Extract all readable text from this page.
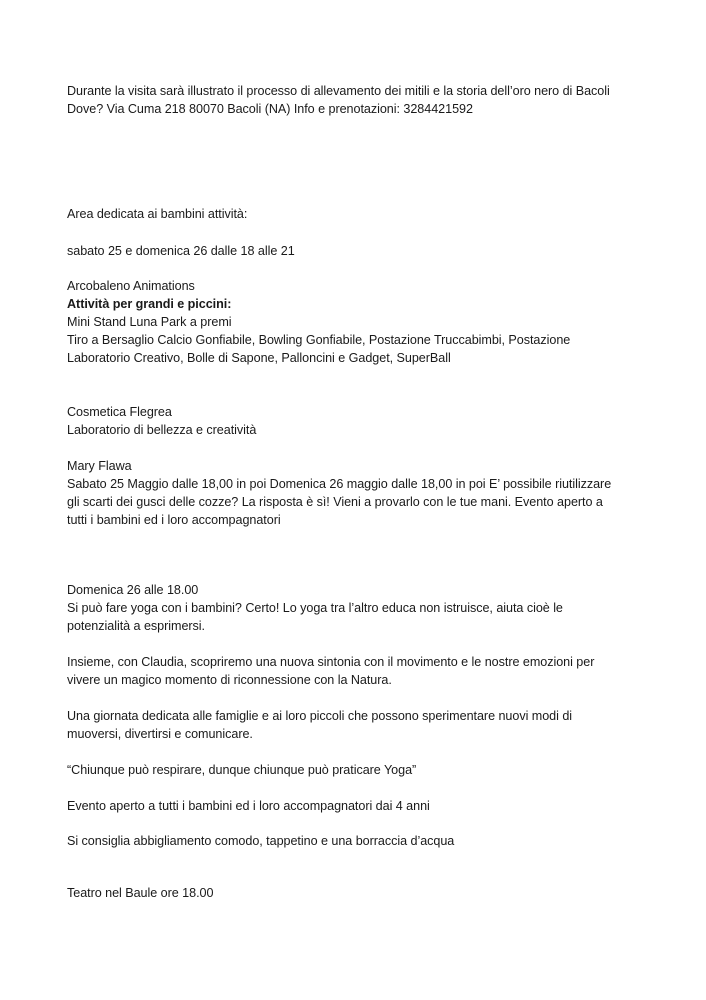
Durante la visita sarà illustrato il processo di allevamento dei mitili e la storia dell’oro nero di Bacoli
Dove? Via Cuma 218 80070 Bacoli (NA) Info e prenotazioni: 3284421592
Area dedicata ai bambini attività:
sabato 25 e domenica 26 dalle 18 alle 21
Arcobaleno Animations
Attività per grandi e piccini:
Mini Stand Luna Park a premi
Tiro a Bersaglio Calcio Gonfiabile, Bowling Gonfiabile, Postazione Truccabimbi, Postazione
Laboratorio Creativo, Bolle di Sapone, Palloncini e Gadget, SuperBall
Cosmetica Flegrea
Laboratorio di bellezza e creatività
Mary Flawa
Sabato 25 Maggio dalle 18,00 in poi Domenica 26 maggio dalle 18,00 in poi E’ possibile riutilizzare
gli scarti dei gusci delle cozze? La risposta è sì! Vieni a provarlo con le tue mani. Evento aperto a
tutti i bambini ed i loro accompagnatori
Domenica 26 alle 18.00
Si può fare yoga con i bambini? Certo! Lo yoga tra l’altro educa non istruisce, aiuta cioè le
potenzialità a esprimersi.
Insieme, con Claudia, scopriremo una nuova sintonia con il movimento e le nostre emozioni per
vivere un magico momento di riconnessione con la Natura.
Una giornata dedicata alle famiglie e ai loro piccoli che possono sperimentare nuovi modi di
muoversi, divertirsi e comunicare.
“Chiunque può respirare, dunque chiunque può praticare Yoga”
Evento aperto a tutti i bambini ed i loro accompagnatori dai 4 anni
Si consiglia abbigliamento comodo, tappetino e una borraccia d’acqua
Teatro nel Baule ore 18.00
